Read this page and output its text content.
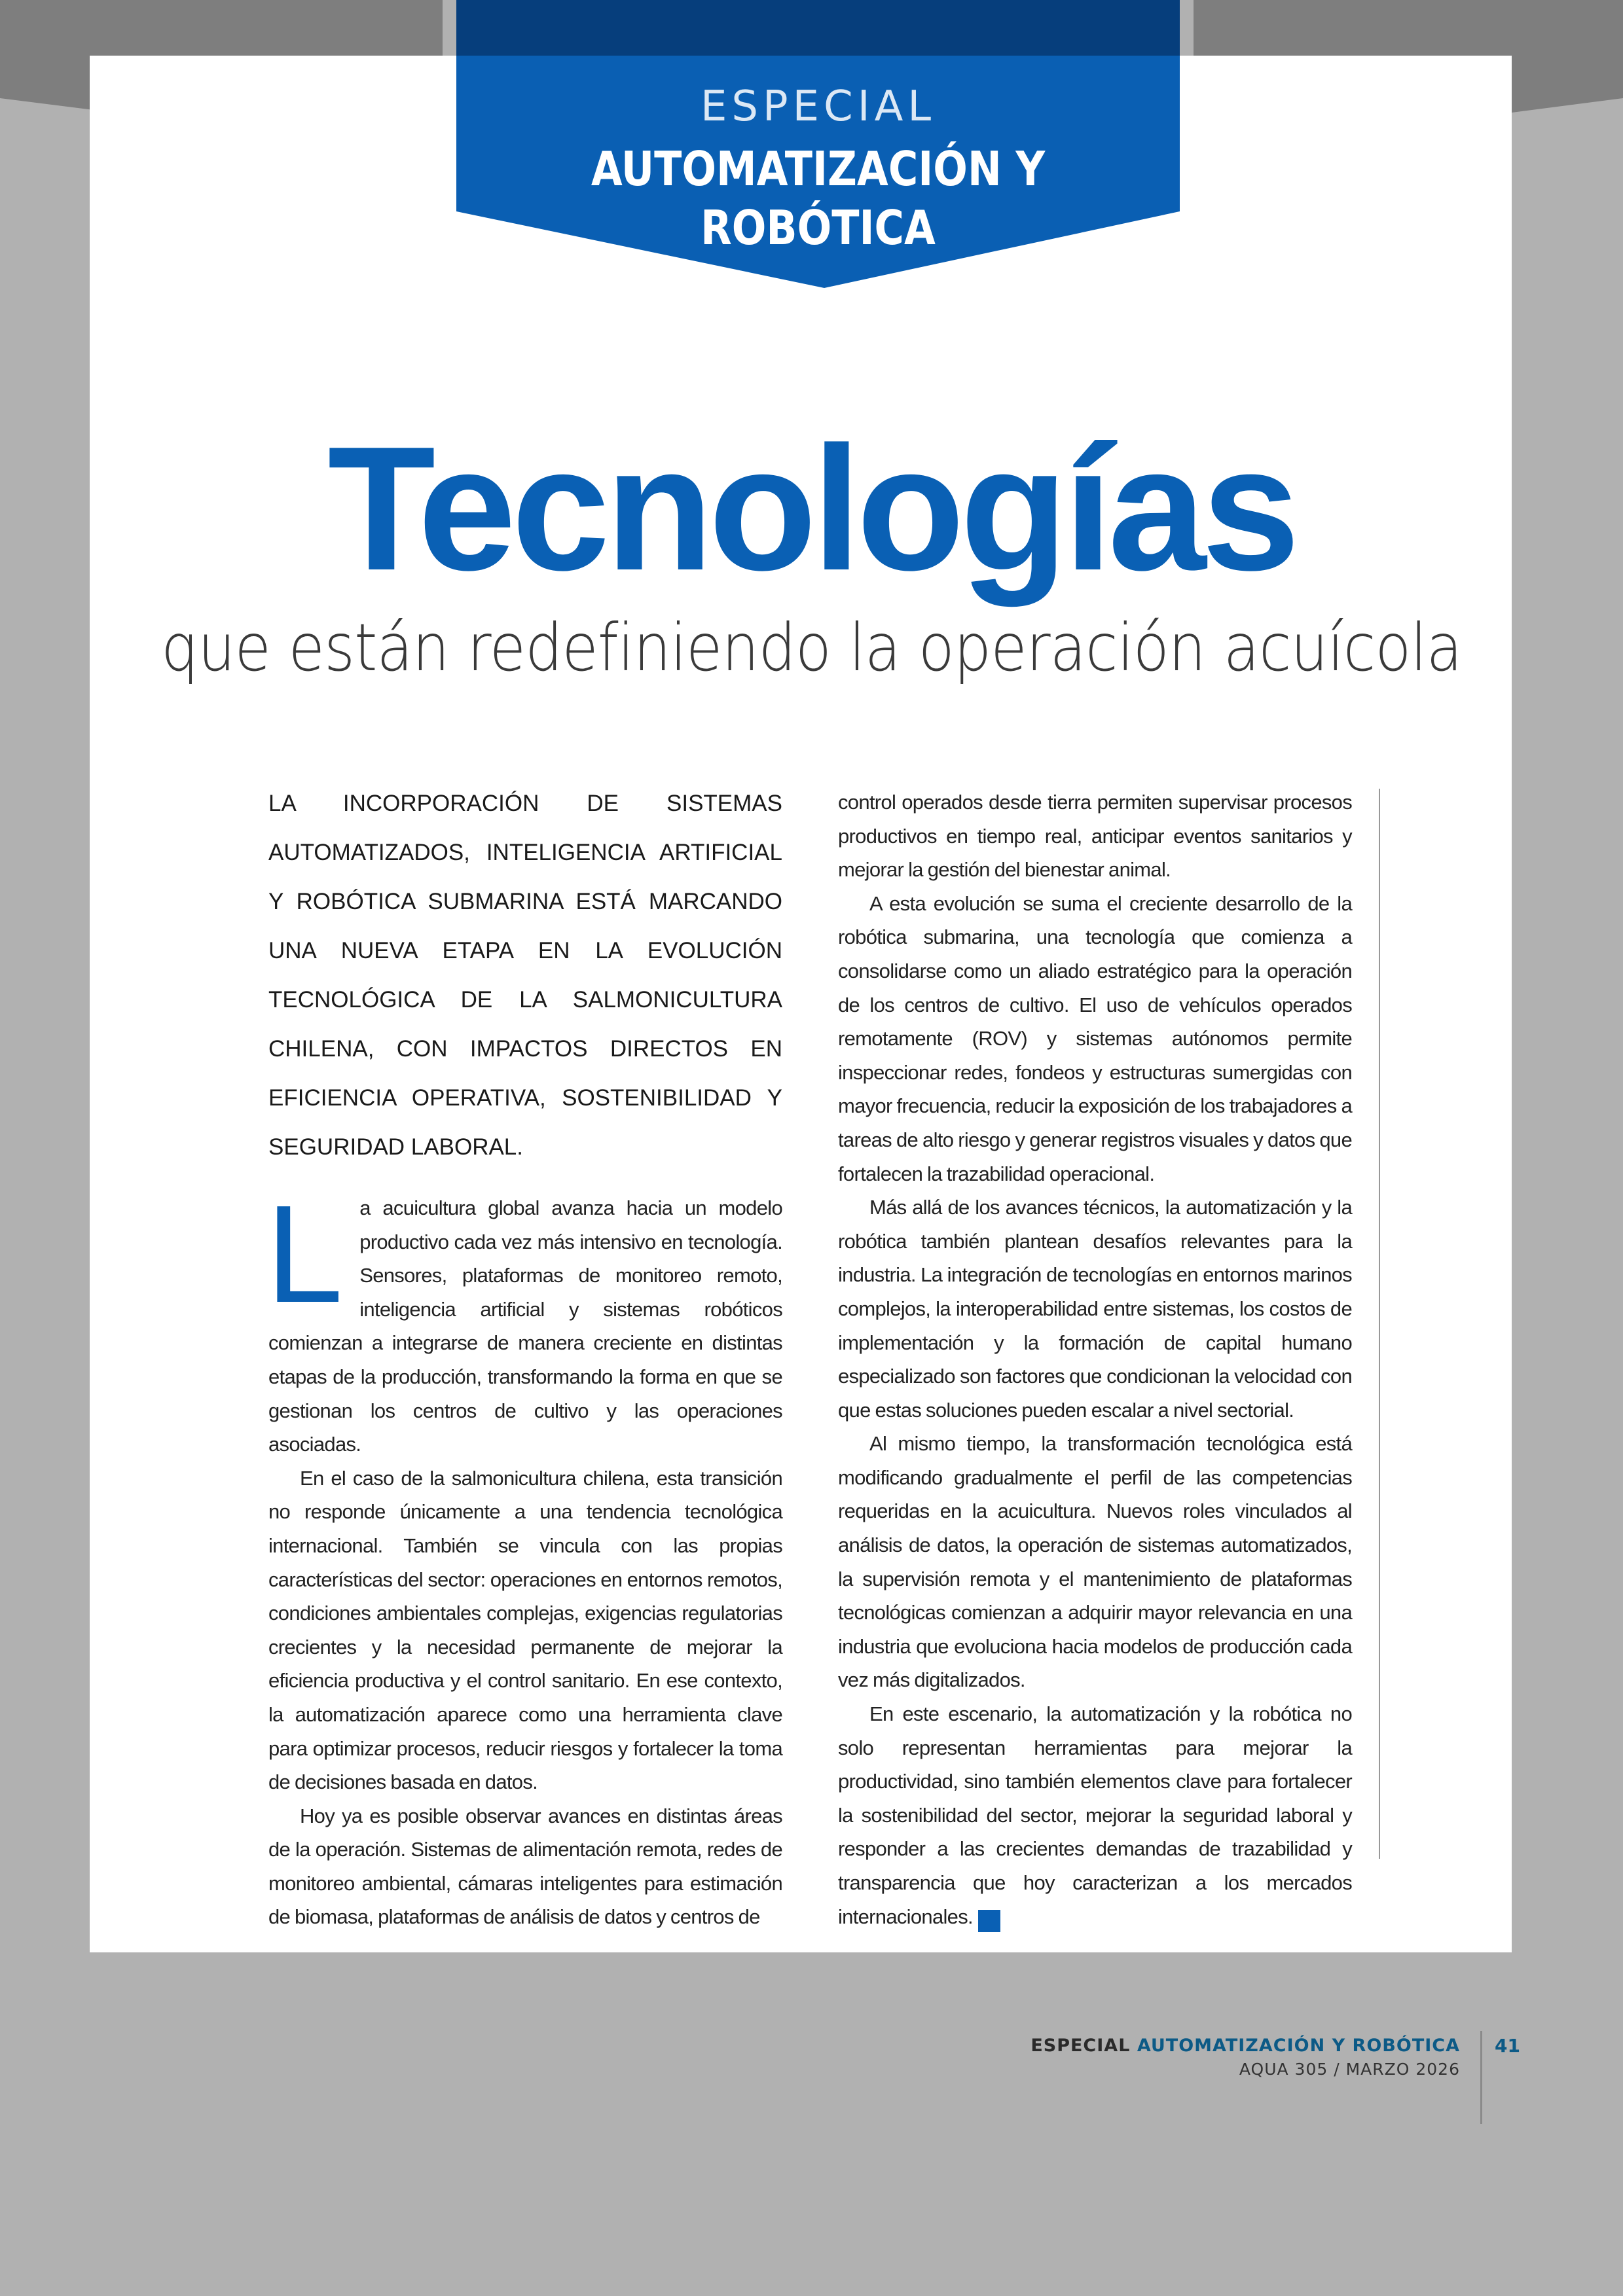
ESPECIAL
AUTOMATIZACIÓN Y ROBÓTICA
Tecnologías
que están redefiniendo la operación acuícola

LA INCORPORACIÓN DE SISTEMAS AUTOMATIZADOS, INTELIGENCIA ARTIFICIAL Y ROBÓTICA SUBMARINA ESTÁ MARCANDO UNA NUEVA ETAPA EN LA EVOLUCIÓN TECNOLÓGICA DE LA SALMONICULTURA CHILENA, CON IMPACTOS DIRECTOS EN EFICIENCIA OPERATIVA, SOSTENIBILIDAD Y SEGURIDAD LABORAL.

La acuicultura global avanza hacia un modelo productivo cada vez más intensivo en tecnología. Sensores, plataformas de monitoreo remoto, inteligencia artificial y sistemas robóticos comienzan a integrarse de manera creciente en distintas etapas de la producción, transformando la forma en que se gestionan los centros de cultivo y las operaciones asociadas.

En el caso de la salmonicultura chilena, esta transición no responde únicamente a una tendencia tecnológica internacional. También se vincula con las propias características del sector: operaciones en entornos remotos, condiciones ambientales complejas, exigencias regulatorias crecientes y la necesidad permanente de mejorar la eficiencia productiva y el control sanitario. En ese contexto, la automatización aparece como una herramienta clave para optimizar procesos, reducir riesgos y fortalecer la toma de decisiones basada en datos.

Hoy ya es posible observar avances en distintas áreas de la operación. Sistemas de alimentación remota, redes de monitoreo ambiental, cámaras inteligentes para estimación de biomasa, plataformas de análisis de datos y centros de

control operados desde tierra permiten supervisar procesos productivos en tiempo real, anticipar eventos sanitarios y mejorar la gestión del bienestar animal.

A esta evolución se suma el creciente desarrollo de la robótica submarina, una tecnología que comienza a consolidarse como un aliado estratégico para la operación de los centros de cultivo. El uso de vehículos operados remotamente (ROV) y sistemas autónomos permite inspeccionar redes, fondeos y estructuras sumergidas con mayor frecuencia, reducir la exposición de los trabajadores a tareas de alto riesgo y generar registros visuales y datos que fortalecen la trazabilidad operacional.

Más allá de los avances técnicos, la automatización y la robótica también plantean desafíos relevantes para la industria. La integración de tecnologías en entornos marinos complejos, la interoperabilidad entre sistemas, los costos de implementación y la formación de capital humano especializado son factores que condicionan la velocidad con que estas soluciones pueden escalar a nivel sectorial.

Al mismo tiempo, la transformación tecnológica está modificando gradualmente el perfil de las competencias requeridas en la acuicultura. Nuevos roles vinculados al análisis de datos, la operación de sistemas automatizados, la supervisión remota y el mantenimiento de plataformas tecnológicas comienzan a adquirir mayor relevancia en una industria que evoluciona hacia modelos de producción cada vez más digitalizados.

En este escenario, la automatización y la robótica no solo representan herramientas para mejorar la productividad, sino también elementos clave para fortalecer la sostenibilidad del sector, mejorar la seguridad laboral y responder a las crecientes demandas de trazabilidad y transparencia que hoy caracterizan a los mercados internacionales. Q

ESPECIAL AUTOMATIZACIÓN Y ROBÓTICA
AQUA 305 / MARZO 2026
41
